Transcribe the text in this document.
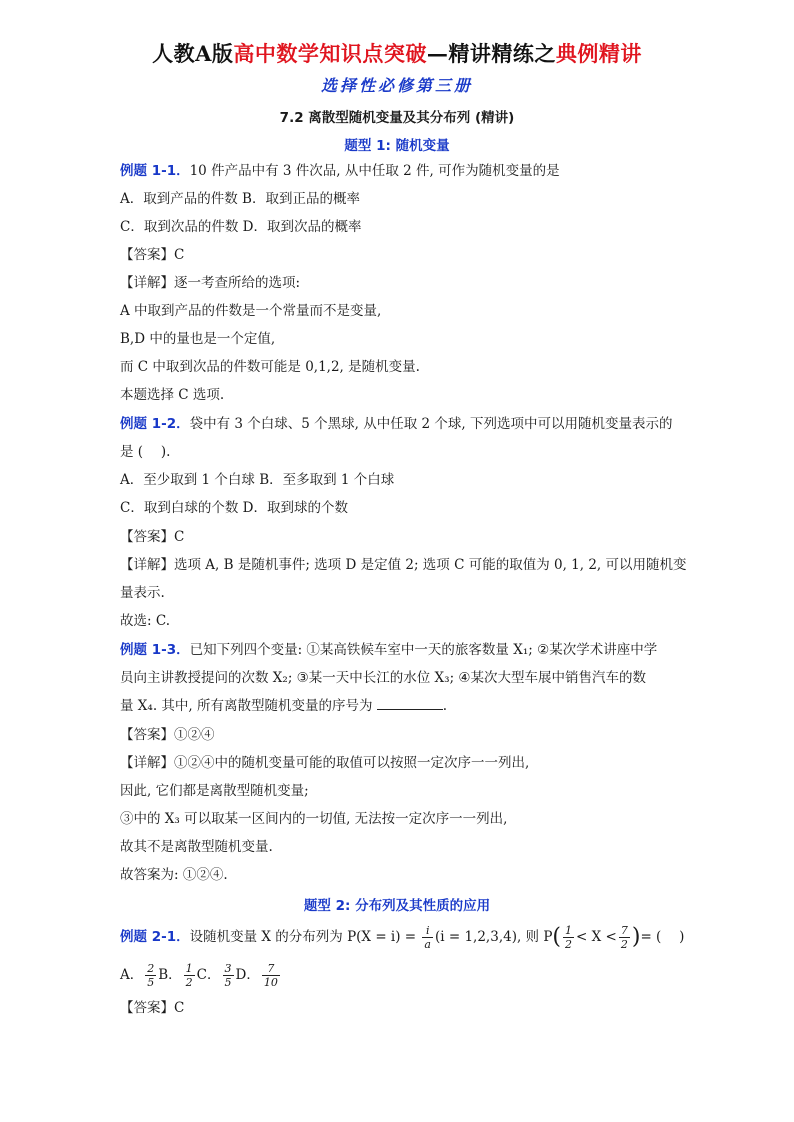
人教A版高中数学知识点突破—精讲精练之典例精讲
选择性必修第三册
7.2 离散型随机变量及其分布列 (精讲)
题型 1: 随机变量
例题 1-1．10 件产品中有 3 件次品, 从中任取 2 件, 可作为随机变量的是
A．取到产品的件数 B．取到正品的概率
C．取到次品的件数 D．取到次品的概率
【答案】C
【详解】逐一考查所给的选项:
A 中取到产品的件数是一个常量而不是变量,
B,D 中的量也是一个定值,
而 C 中取到次品的件数可能是 0,1,2, 是随机变量.
本题选择 C 选项.
例题 1-2．袋中有 3 个白球、5 个黑球, 从中任取 2 个球, 下列选项中可以用随机变量表示的
是 (　 ).
A．至少取到 1 个白球 B．至多取到 1 个白球
C．取到白球的个数 D．取到球的个数
【答案】C
【详解】选项 A, B 是随机事件; 选项 D 是定值 2; 选项 C 可能的取值为 0, 1, 2, 可以用随机变
量表示.
故选: C.
例题 1-3．已知下列四个变量: ①某高铁候车室中一天的旅客数量 X₁; ②某次学术讲座中学
员向主讲教授提问的次数 X₂; ③某一天中长江的水位 X₃; ④某次大型车展中销售汽车的数
量 X₄. 其中, 所有离散型随机变量的序号为	.
【答案】①②④
【详解】①②④中的随机变量可能的取值可以按照一定次序一一列出,
因此, 它们都是离散型随机变量;
③中的 X₃ 可以取某一区间内的一切值, 无法按一定次序一一列出,
故其不是离散型随机变量.
故答案为: ①②④.
题型 2: 分布列及其性质的应用
例题 2-1．设随机变量 X 的分布列为 $P(X = i) = \frac{i}{a} (i = 1,2,3,4)$, 则 $P( \frac{1}{2} < X < \frac{7}{2}$ )= (　 )
A． $\frac{2}{5}$ B． $\frac{1}{2}$ C． $\frac{3}{5}$ D． $\frac{7}{10}$
【答案】C
